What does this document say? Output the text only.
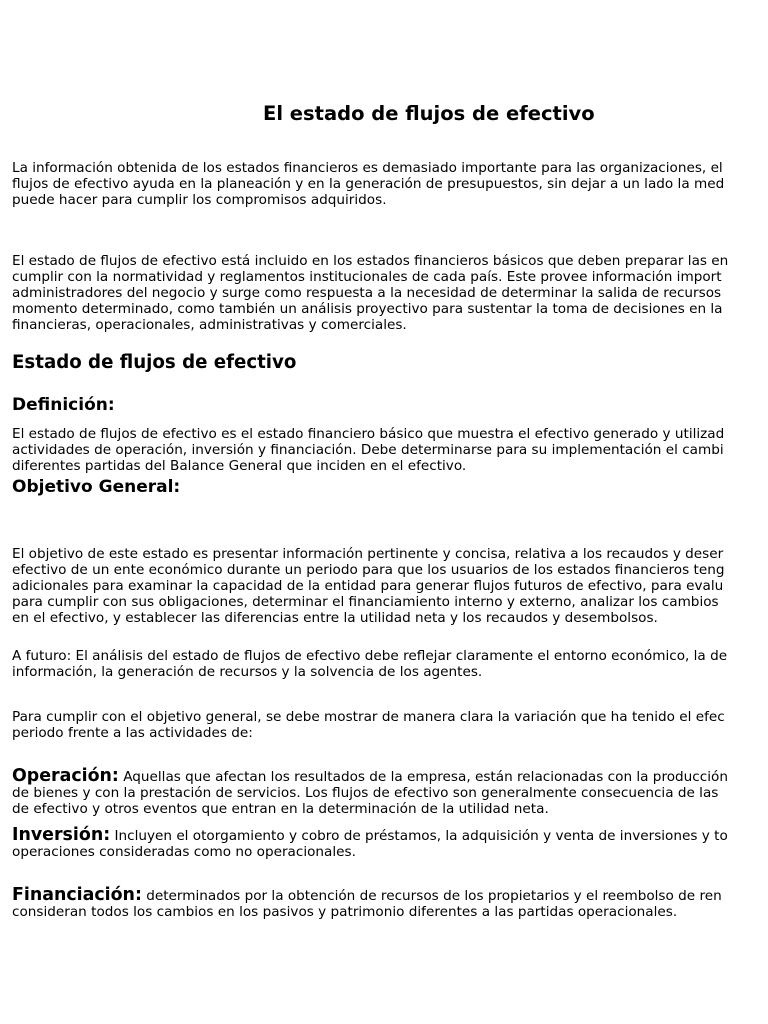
El estado de flujos de efectivo
La información obtenida de los estados financieros es demasiado importante para las organizaciones, el
flujos de efectivo ayuda en la planeación y en la generación de presupuestos, sin dejar a un lado la med
puede hacer para cumplir los compromisos adquiridos.
El estado de flujos de efectivo está incluido en los estados financieros básicos que deben preparar las en
cumplir con la normatividad y reglamentos institucionales de cada país. Este provee información import
administradores del negocio y surge como respuesta a la necesidad de determinar la salida de recursos
momento determinado, como también un análisis proyectivo para sustentar la toma de decisiones en la
financieras, operacionales, administrativas y comerciales.
Estado de flujos de efectivo
Definición:
El estado de flujos de efectivo es el estado financiero básico que muestra el efectivo generado y utilizad
actividades de operación, inversión y financiación. Debe determinarse para su implementación el cambi
diferentes partidas del Balance General que inciden en el efectivo.
Objetivo General:
El objetivo de este estado es presentar información pertinente y concisa, relativa a los recaudos y deser
efectivo de un ente económico durante un periodo para que los usuarios de los estados financieros teng
adicionales para examinar la capacidad de la entidad para generar flujos futuros de efectivo, para evalu
para cumplir con sus obligaciones, determinar el financiamiento interno y externo, analizar los cambios
en el efectivo, y establecer las diferencias entre la utilidad neta y los recaudos y desembolsos.
A futuro: El análisis del estado de flujos de efectivo debe reflejar claramente el entorno económico, la de
información, la generación de recursos y la solvencia de los agentes.
Para cumplir con el objetivo general, se debe mostrar de manera clara la variación que ha tenido el efec
periodo frente a las actividades de:
Operación: Aquellas que afectan los resultados de la empresa, están relacionadas con la producción
de bienes y con la prestación de servicios. Los flujos de efectivo son generalmente consecuencia de las
de efectivo y otros eventos que entran en la determinación de la utilidad neta.
Inversión: Incluyen el otorgamiento y cobro de préstamos, la adquisición y venta de inversiones y to
operaciones consideradas como no operacionales.
Financiación: determinados por la obtención de recursos de los propietarios y el reembolso de ren
consideran todos los cambios en los pasivos y patrimonio diferentes a las partidas operacionales.
